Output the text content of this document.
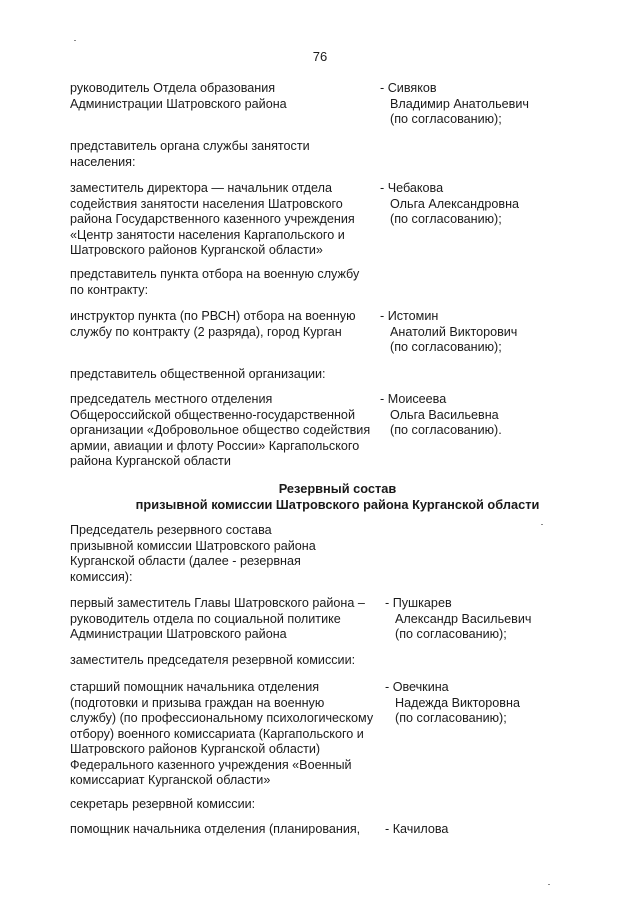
76
руководитель Отдела образования
Администрации Шатровского района
- Сивяков
Владимир Анатольевич
(по согласованию);
представитель органа службы занятости
населения:
заместитель директора — начальник отдела
содействия занятости населения Шатровского
района Государственного казенного учреждения
«Центр занятости населения Каргапольского и
Шатровского районов Курганской области»
- Чебакова
Ольга Александровна
(по согласованию);
представитель пункта отбора на военную службу
по контракту:
инструктор пункта (по РВСН) отбора на военную
службу по контракту (2 разряда), город Курган
- Истомин
Анатолий Викторович
(по согласованию);
представитель общественной организации:
председатель местного отделения
Общероссийской общественно-государственной
организации «Добровольное общество содействия
армии, авиации и флоту России» Каргапольского
района Курганской области
- Моисеева
Ольга Васильевна
(по согласованию).
Резервный состав
призывной комиссии Шатровского района Курганской области
Председатель резервного состава
призывной комиссии Шатровского района
Курганской области (далее - резервная
комиссия):
первый заместитель Главы Шатровского района –
руководитель отдела по социальной политике
Администрации Шатровского района
- Пушкарев
Александр Васильевич
(по согласованию);
заместитель председателя резервной комиссии:
старший помощник начальника отделения
(подготовки и призыва граждан на военную
службу) (по профессиональному психологическому
отбору) военного комиссариата (Каргапольского и
Шатровского районов Курганской области)
Федерального казенного учреждения «Военный
комиссариат Курганской области»
- Овечкина
Надежда Викторовна
(по согласованию);
секретарь резервной комиссии:
помощник начальника отделения (планирования,	- Качилова
